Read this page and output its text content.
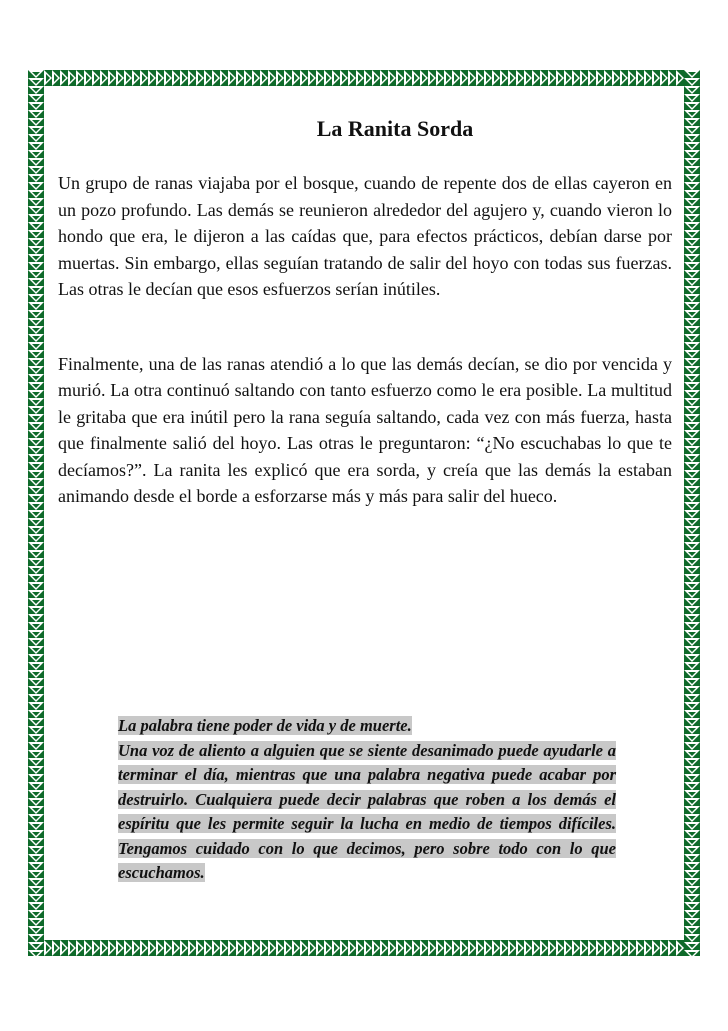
La Ranita Sorda

Un grupo de ranas viajaba por el bosque, cuando de repente dos de ellas cayeron en un pozo profundo. Las demás se reunieron alrededor del agujero y, cuando vieron lo hondo que era, le dijeron a las caídas que, para efectos prácticos, debían darse por muertas. Sin embargo, ellas seguían tratando de salir del hoyo con todas sus fuerzas. Las otras le decían que esos esfuerzos serían inútiles.

Finalmente, una de las ranas atendió a lo que las demás decían, se dio por vencida y murió. La otra continuó saltando con tanto esfuerzo como le era posible. La multitud le gritaba que era inútil pero la rana seguía saltando, cada vez con más fuerza, hasta que finalmente salió del hoyo. Las otras le preguntaron: “¿No escuchabas lo que te decíamos?”. La ranita les explicó que era sorda, y creía que las demás la estaban animando desde el borde a esforzarse más y más para salir del hueco.

La palabra tiene poder de vida y de muerte.

Una voz de aliento a alguien que se siente desanimado puede ayudarle a terminar el día, mientras que una palabra negativa puede acabar por destruirlo. Cualquiera puede decir palabras que roben a los demás el espíritu que les permite seguir la lucha en medio de tiempos difíciles. Tengamos cuidado con lo que decimos, pero sobre todo con lo que escuchamos.
